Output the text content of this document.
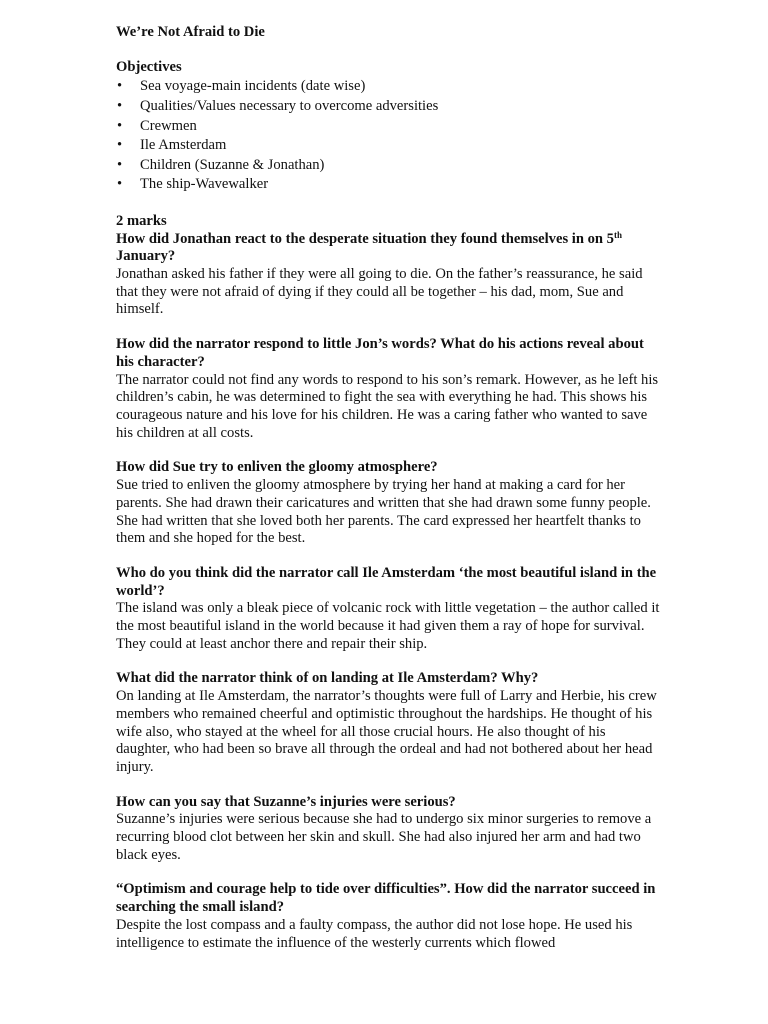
We’re Not Afraid to Die
Objectives
• Sea voyage-main incidents (date wise)
• Qualities/Values necessary to overcome adversities
• Crewmen
• Ile Amsterdam
• Children (Suzanne & Jonathan)
• The ship-Wavewalker
2 marks
How did Jonathan react to the desperate situation they found themselves in on 5th January?
Jonathan asked his father if they were all going to die. On the father’s reassurance, he said that they were not afraid of dying if they could all be together – his dad, mom, Sue and himself.
How did the narrator respond to little Jon’s words? What do his actions reveal about his character?
The narrator could not find any words to respond to his son’s remark. However, as he left his children’s cabin, he was determined to fight the sea with everything he had. This shows his courageous nature and his love for his children. He was a caring father who wanted to save his children at all costs.
How did Sue try to enliven the gloomy atmosphere?
Sue tried to enliven the gloomy atmosphere by trying her hand at making a card for her parents. She had drawn their caricatures and written that she had drawn some funny people. She had written that she loved both her parents. The card expressed her heartfelt thanks to them and she hoped for the best.
Who do you think did the narrator call Ile Amsterdam ‘the most beautiful island in the world’?
The island was only a bleak piece of volcanic rock with little vegetation – the author called it the most beautiful island in the world because it had given them a ray of hope for survival. They could at least anchor there and repair their ship.
What did the narrator think of on landing at Ile Amsterdam? Why?
On landing at Ile Amsterdam, the narrator’s thoughts were full of Larry and Herbie, his crew members who remained cheerful and optimistic throughout the hardships. He thought of his wife also, who stayed at the wheel for all those crucial hours. He also thought of his daughter, who had been so brave all through the ordeal and had not bothered about her head injury.
How can you say that Suzanne’s injuries were serious?
Suzanne’s injuries were serious because she had to undergo six minor surgeries to remove a recurring blood clot between her skin and skull. She had also injured her arm and had two black eyes.
“Optimism and courage help to tide over difficulties”. How did the narrator succeed in searching the small island?
Despite the lost compass and a faulty compass, the author did not lose hope. He used his intelligence to estimate the influence of the westerly currents which flowed
